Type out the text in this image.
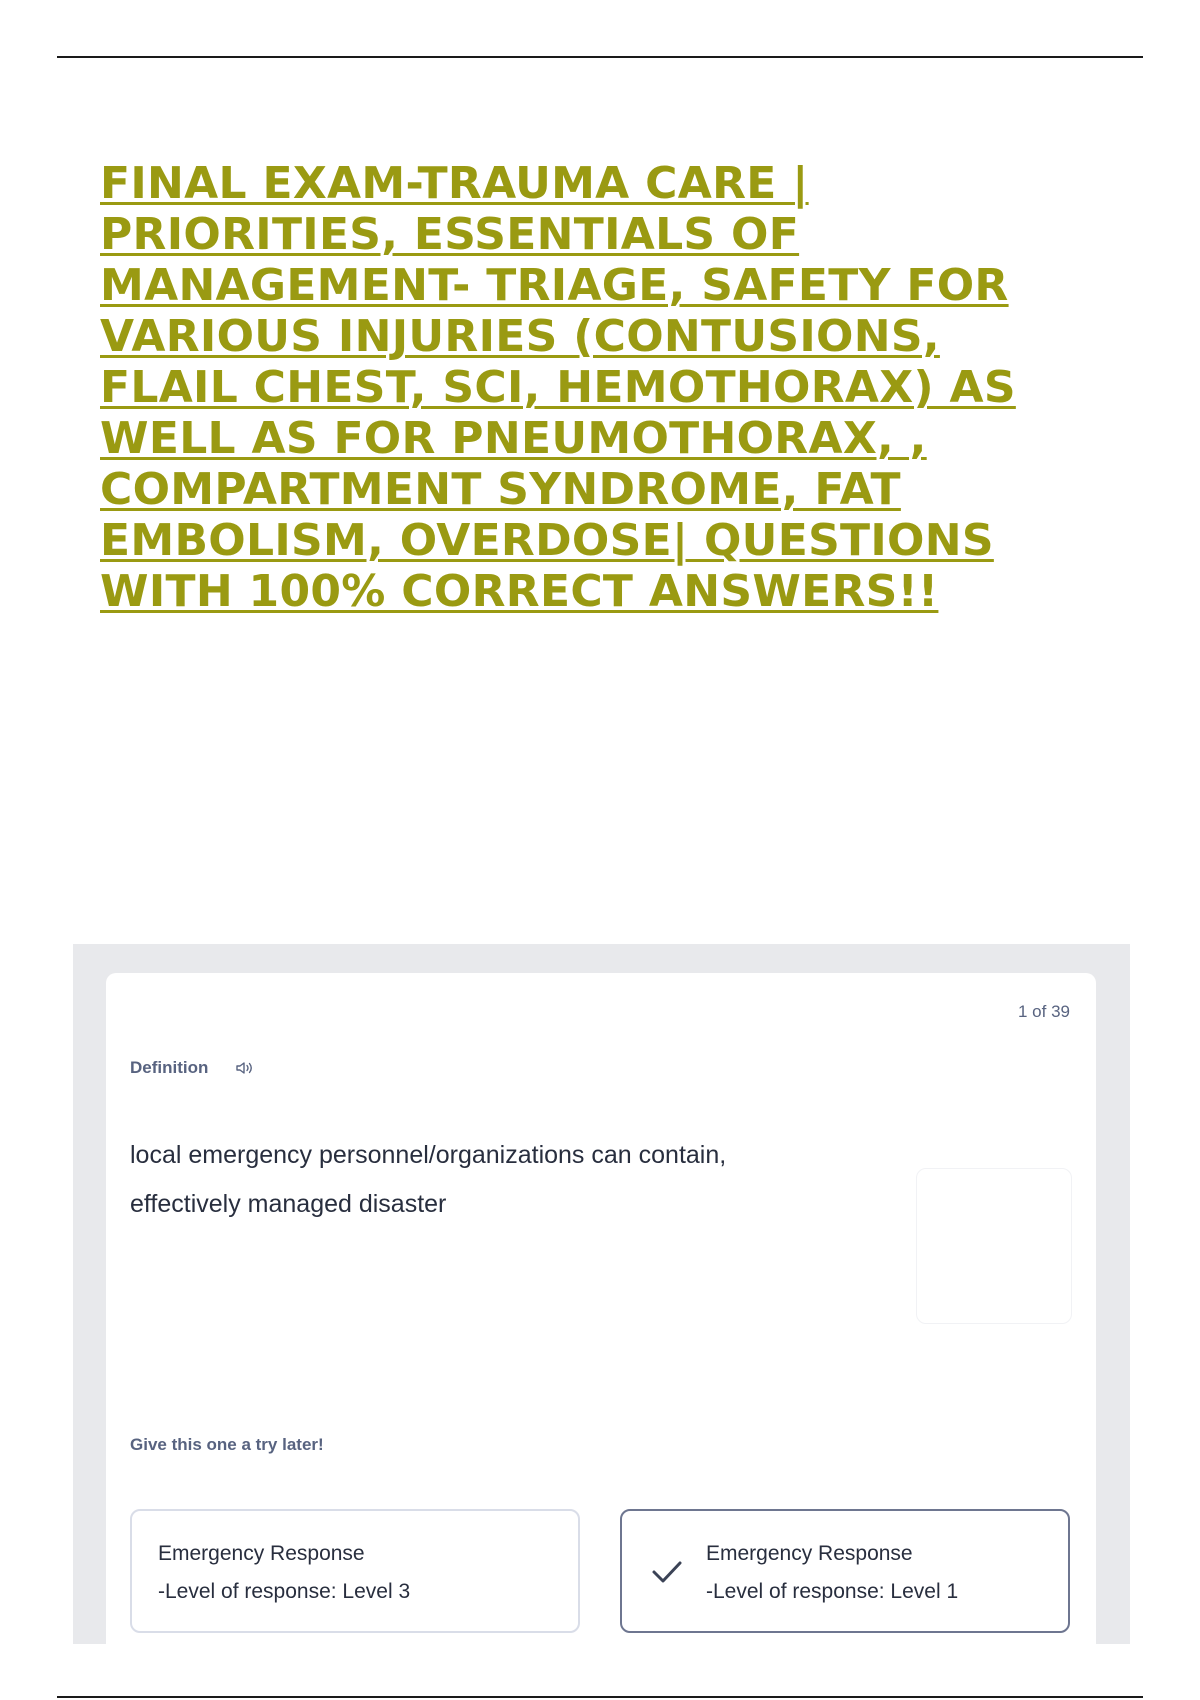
FINAL EXAM-TRAUMA CARE |
PRIORITIES, ESSENTIALS OF
MANAGEMENT- TRIAGE, SAFETY FOR
VARIOUS INJURIES (CONTUSIONS,
FLAIL CHEST, SCI, HEMOTHORAX) AS
WELL AS FOR PNEUMOTHORAX, ,
COMPARTMENT SYNDROME, FAT
EMBOLISM, OVERDOSE| QUESTIONS
WITH 100% CORRECT ANSWERS!!
1 of 39
Definition
local emergency personnel/organizations can contain,
effectively managed disaster
Give this one a try later!
Emergency Response
-Level of response: Level 3
Emergency Response
-Level of response: Level 1
